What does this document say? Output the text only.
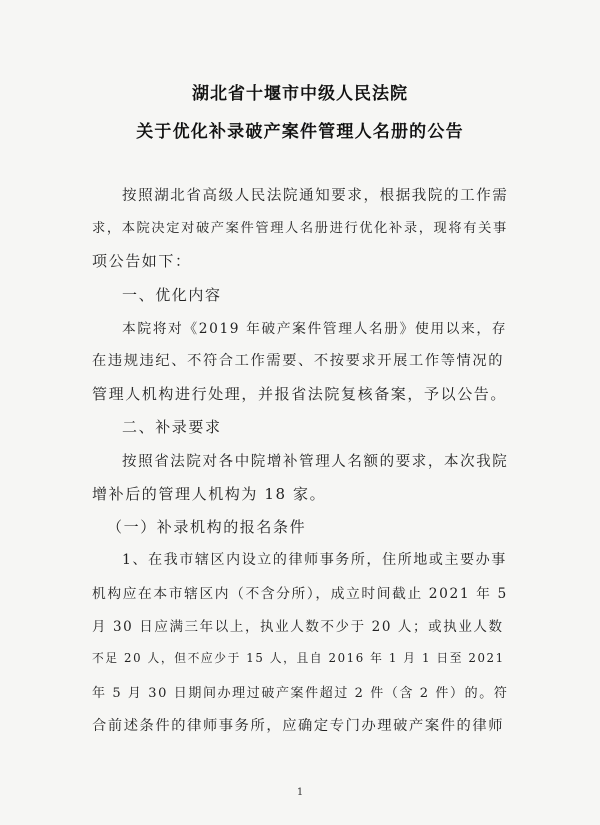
湖北省十堰市中级人民法院
关于优化补录破产案件管理人名册的公告
按照湖北省高级人民法院通知要求，根据我院的工作需
求，本院决定对破产案件管理人名册进行优化补录，现将有关事
项公告如下：
一、优化内容
本院将对《2019 年破产案件管理人名册》使用以来，存
在违规违纪、不符合工作需要、不按要求开展工作等情况的
管理人机构进行处理，并报省法院复核备案，予以公告。
二、补录要求
按照省法院对各中院增补管理人名额的要求，本次我院
增补后的管理人机构为 18 家。
（一）补录机构的报名条件
1、在我市辖区内设立的律师事务所，住所地或主要办事
机构应在本市辖区内（不含分所），成立时间截止 2021 年 5
月 30 日应满三年以上，执业人数不少于 20 人；或执业人数
不足 20 人，但不应少于 15 人，且自 2016 年 1 月 1 日至 2021
年 5 月 30 日期间办理过破产案件超过 2 件（含 2 件）的。符
合前述条件的律师事务所，应确定专门办理破产案件的律师
1
